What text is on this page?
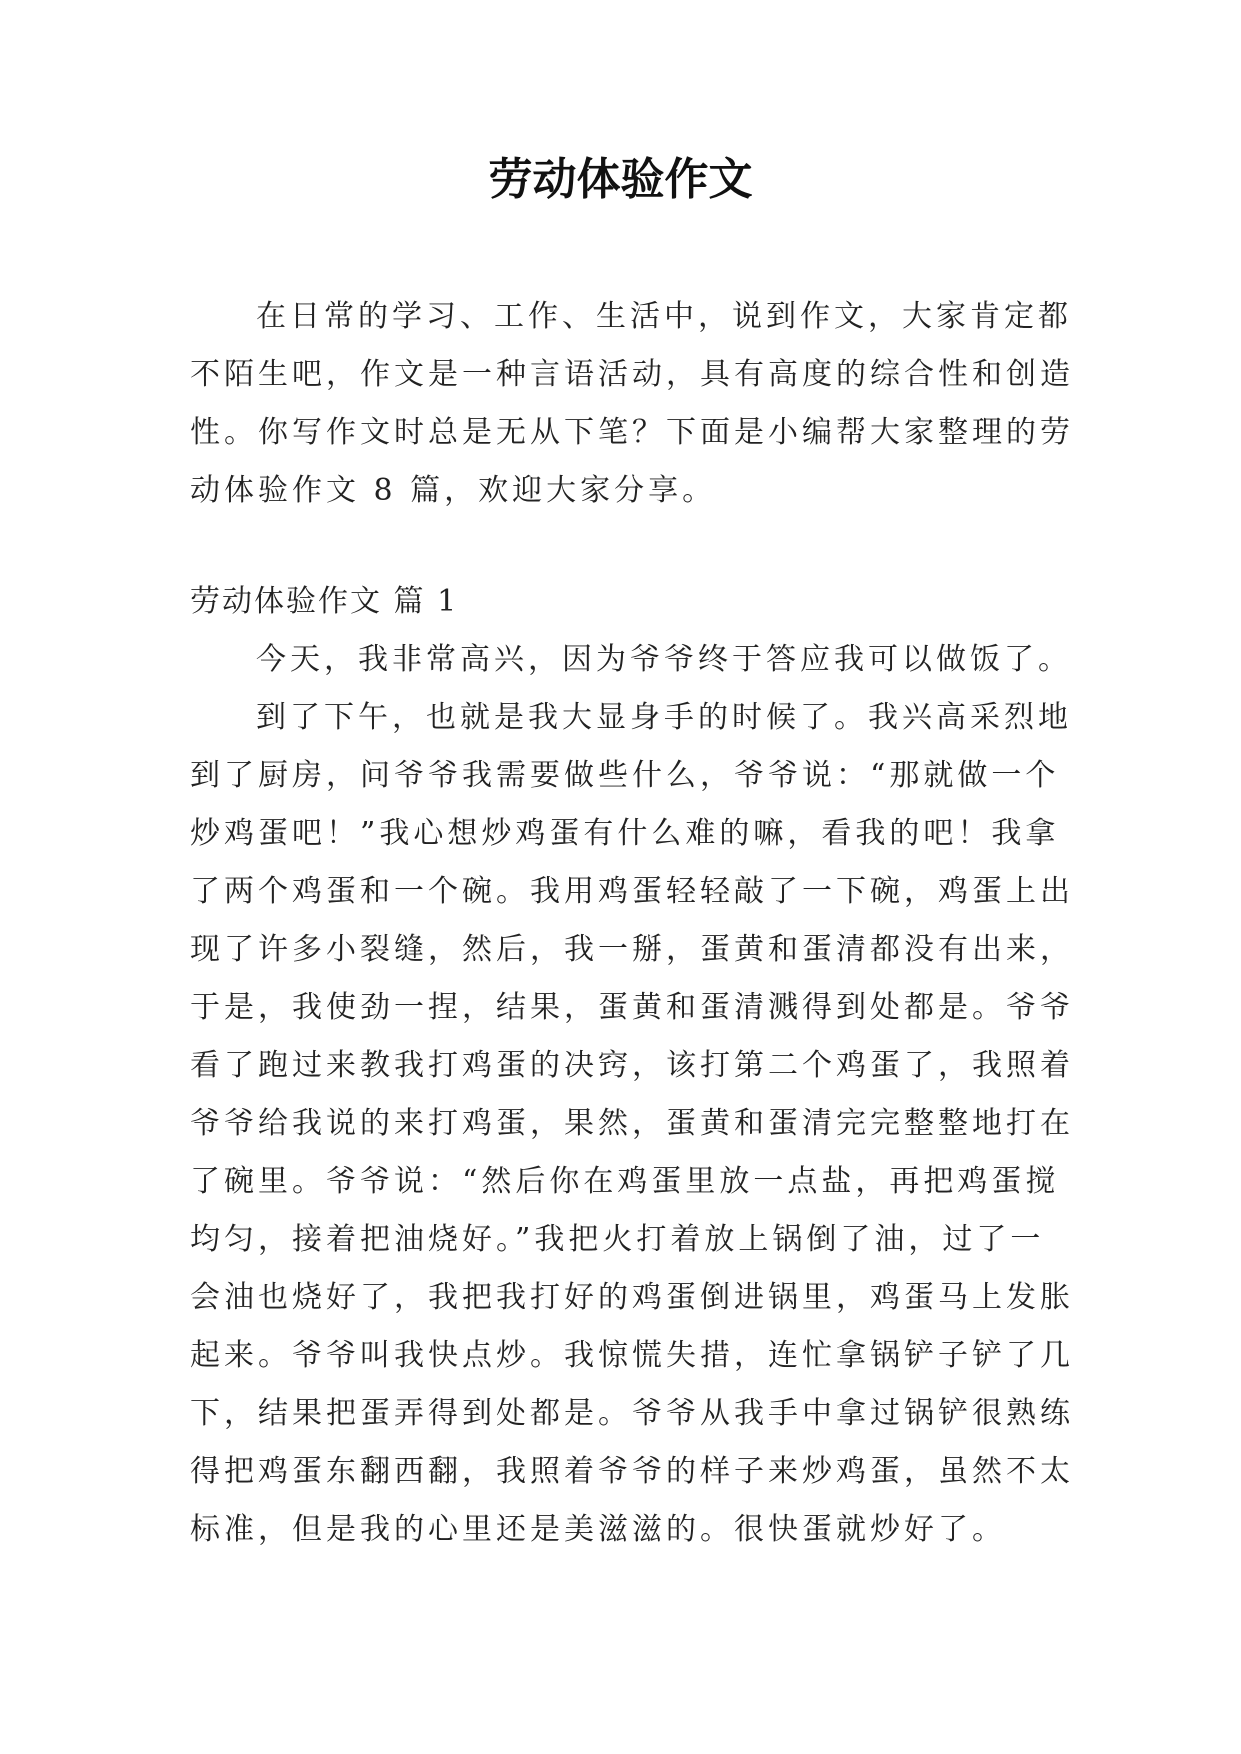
劳动体验作文
在日常的学习、工作、生活中，说到作文，大家肯定都
不陌生吧，作文是一种言语活动，具有高度的综合性和创造
性。你写作文时总是无从下笔？下面是小编帮大家整理的劳
动体验作文 8 篇，欢迎大家分享。
劳动体验作文 篇 1
今天，我非常高兴，因为爷爷终于答应我可以做饭了。
到了下午，也就是我大显身手的时候了。我兴高采烈地
到了厨房，问爷爷我需要做些什么，爷爷说：“那就做一个
炒鸡蛋吧！”我心想炒鸡蛋有什么难的嘛，看我的吧！我拿
了两个鸡蛋和一个碗。我用鸡蛋轻轻敲了一下碗，鸡蛋上出
现了许多小裂缝，然后，我一掰，蛋黄和蛋清都没有出来，
于是，我使劲一捏，结果，蛋黄和蛋清溅得到处都是。爷爷
看了跑过来教我打鸡蛋的决窍，该打第二个鸡蛋了，我照着
爷爷给我说的来打鸡蛋，果然，蛋黄和蛋清完完整整地打在
了碗里。爷爷说：“然后你在鸡蛋里放一点盐，再把鸡蛋搅
均匀，接着把油烧好。”我把火打着放上锅倒了油，过了一
会油也烧好了，我把我打好的鸡蛋倒进锅里，鸡蛋马上发胀
起来。爷爷叫我快点炒。我惊慌失措，连忙拿锅铲子铲了几
下，结果把蛋弄得到处都是。爷爷从我手中拿过锅铲很熟练
得把鸡蛋东翻西翻，我照着爷爷的样子来炒鸡蛋，虽然不太
标准，但是我的心里还是美滋滋的。很快蛋就炒好了。
